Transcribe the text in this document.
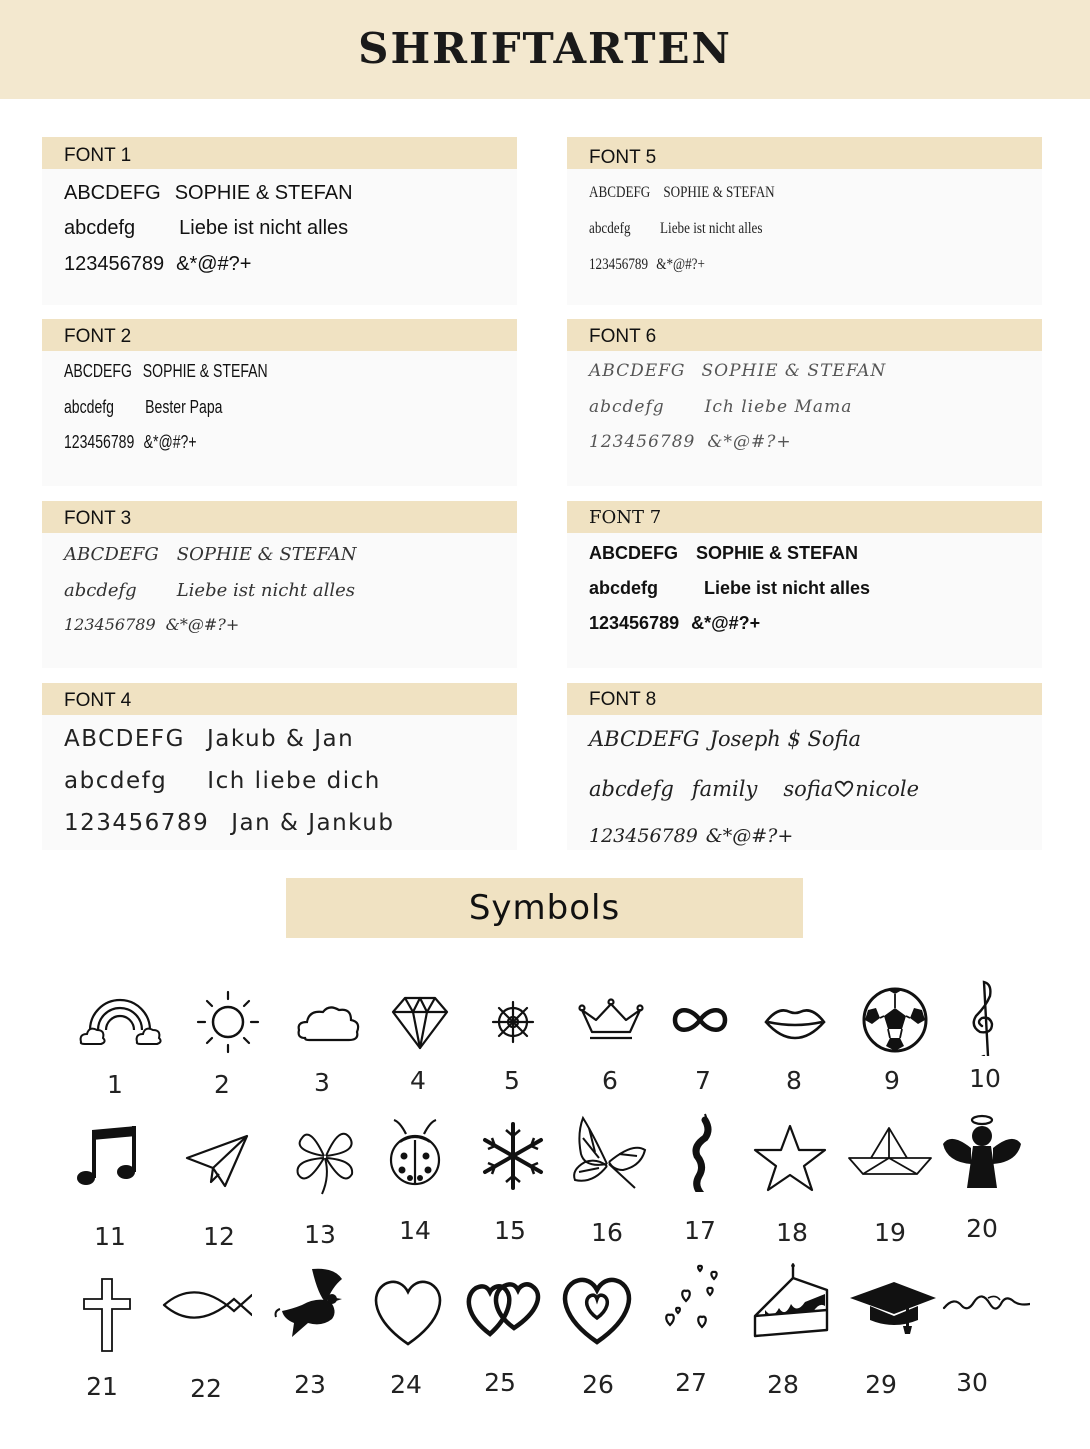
SHRIFTARTEN
FONT 1
ABCDEFG SOPHIE & STEFAN
abcdefg Liebe ist nicht alles
123456789 &*@#?+
FONT 2
ABCDEFG SOPHIE & STEFAN
abcdefg Bester Papa
123456789 &*@#?+
FONT 3
ABCDEFG SOPHIE & STEFAN
abcdefg Liebe ist nicht alles
123456789 &*@#?+
FONT 4
ABCDEFG Jakub & Jan
abcdefg Ich liebe dich
123456789 Jan & Jankub
FONT 5
ABCDEFG SOPHIE & STEFAN
abcdefg Liebe ist nicht alles
123456789 &*@#?+
FONT 6
ABCDEFG SOPHIE & STEFAN
abcdefg Ich liebe Mama
123456789 &*@#?+
FONT 7
ABCDEFG SOPHIE & STEFAN
abcdefg	Liebe ist nicht alles
123456789 &*@#?+
FONT 8
ABCDEFG Joseph $ Sofia
abcdefg family sofia nicole
123456789 &*@#?+
Symbols
1	2	3	4	5	6	7	8	9	10
11	12	13	14	15	16	17	18	19	20
21	22	23	24	25	26	27	28	29	30
